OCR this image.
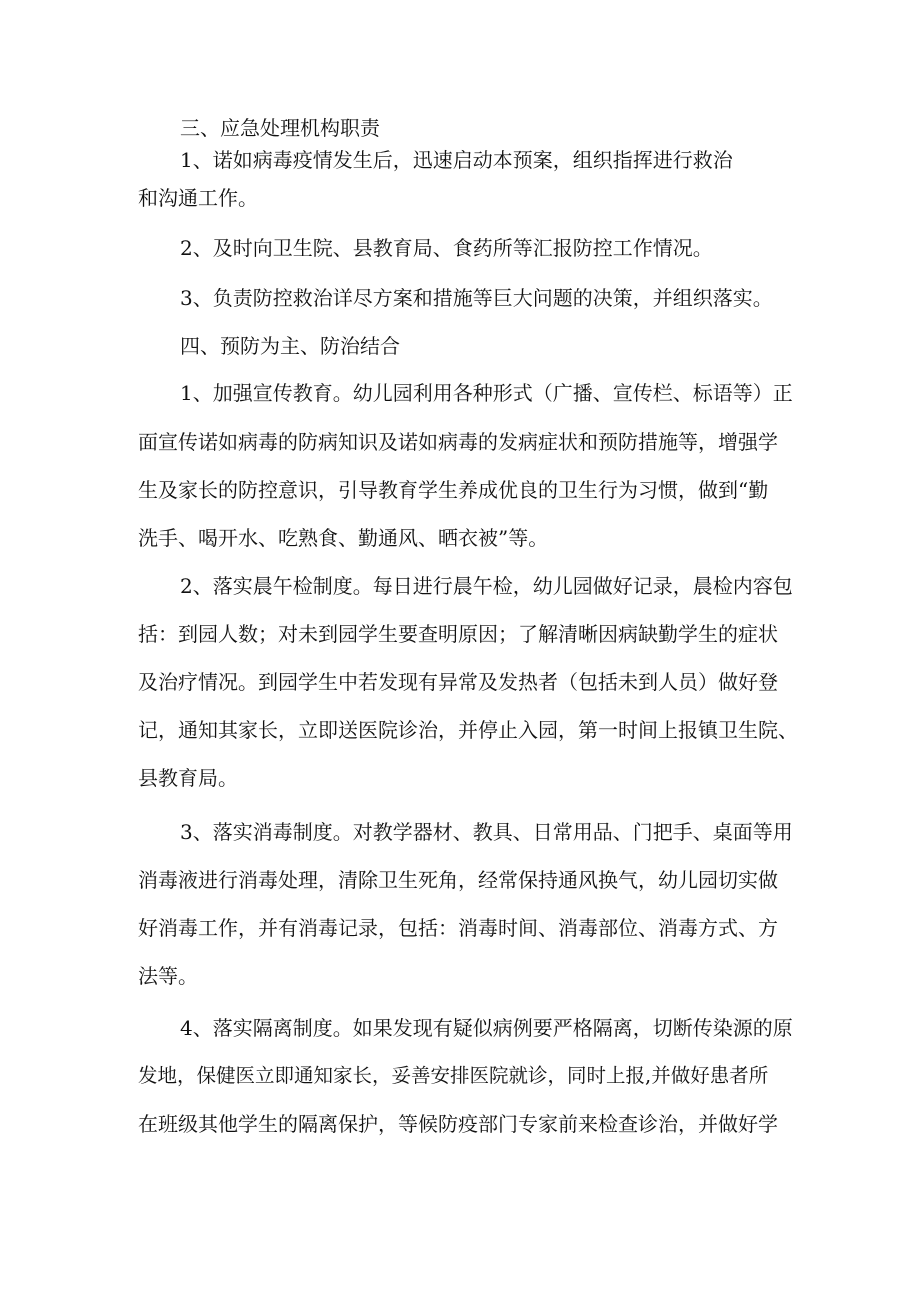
三、应急处理机构职责
1、诺如病毒疫情发生后，迅速启动本预案，组织指挥进行救治
和沟通工作。
2、及时向卫生院、县教育局、食药所等汇报防控工作情况。
3、负责防控救治详尽方案和措施等巨大问题的决策，并组织落实。
四、预防为主、防治结合
1、加强宣传教育。幼儿园利用各种形式（广播、宣传栏、标语等）正
面宣传诺如病毒的防病知识及诺如病毒的发病症状和预防措施等，增强学
生及家长的防控意识，引导教育学生养成优良的卫生行为习惯，做到“勤
洗手、喝开水、吃熟食、勤通风、晒衣被”等。
2、落实晨午检制度。每日进行晨午检，幼儿园做好记录，晨检内容包
括：到园人数；对未到园学生要查明原因；了解清晰因病缺勤学生的症状
及治疗情况。到园学生中若发现有异常及发热者（包括未到人员）做好登
记，通知其家长，立即送医院诊治，并停止入园，第一时间上报镇卫生院、
县教育局。
3、落实消毒制度。对教学器材、教具、日常用品、门把手、桌面等用
消毒液进行消毒处理，清除卫生死角，经常保持通风换气，幼儿园切实做
好消毒工作，并有消毒记录，包括：消毒时间、消毒部位、消毒方式、方
法等。
4、落实隔离制度。如果发现有疑似病例要严格隔离，切断传染源的原
发地，保健医立即通知家长，妥善安排医院就诊，同时上报,并做好患者所
在班级其他学生的隔离保护，等候防疫部门专家前来检查诊治，并做好学
